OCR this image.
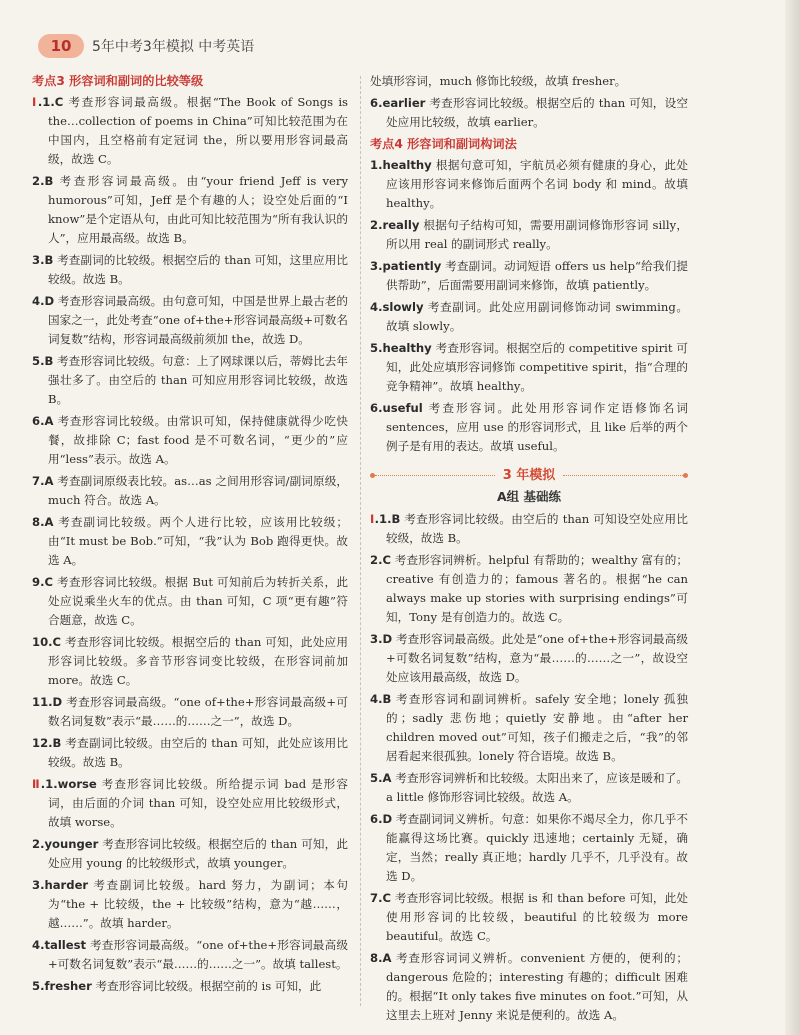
10	5年中考3年模拟 中考英语
考点3 形容词和副词的比较等级
Ⅰ.1.C 考查形容词最高级。根据“The Book of Songs is the…collection of poems in China”可知比较范围为在中国内，且空格前有定冠词 the，所以要用形容词最高级，故选 C。
2.B 考查形容词最高级。由“your friend Jeff is very humorous”可知，Jeff 是个有趣的人；设空处后面的“I know”是个定语从句，由此可知比较范围为“所有我认识的人”，应用最高级。故选 B。
3.B 考查副词的比较级。根据空后的 than 可知，这里应用比较级。故选 B。
4.D 考查形容词最高级。由句意可知，中国是世界上最古老的国家之一，此处考查“one of+the+形容词最高级+可数名词复数”结构，形容词最高级前须加 the，故选 D。
5.B 考查形容词比较级。句意：上了网球课以后，蒂姆比去年强壮多了。由空后的 than 可知应用形容词比较级，故选 B。
6.A 考查形容词比较级。由常识可知，保持健康就得少吃快餐，故排除 C；fast food 是不可数名词，“更少的”应用“less”表示。故选 A。
7.A 考查副词原级表比较。as…as 之间用形容词/副词原级，much 符合。故选 A。
8.A 考查副词比较级。两个人进行比较，应该用比较级；由“It must be Bob.”可知，“我”认为 Bob 跑得更快。故选 A。
9.C 考查形容词比较级。根据 But 可知前后为转折关系，此处应说乘坐火车的优点。由 than 可知，C 项“更有趣”符合题意，故选 C。
10.C 考查形容词比较级。根据空后的 than 可知，此处应用形容词比较级。多音节形容词变比较级，在形容词前加 more。故选 C。
11.D 考查形容词最高级。“one of+the+形容词最高级+可数名词复数”表示“最……的……之一”，故选 D。
12.B 考查副词比较级。由空后的 than 可知，此处应该用比较级。故选 B。
Ⅱ.1.worse 考查形容词比较级。所给提示词 bad 是形容词，由后面的介词 than 可知，设空处应用比较级形式，故填 worse。
2.younger 考查形容词比较级。根据空后的 than 可知，此处应用 young 的比较级形式，故填 younger。
3.harder 考查副词比较级。hard 努力，为副词；本句为“the + 比较级，the + 比较级”结构，意为“越……，越……”。故填 harder。
4.tallest 考查形容词最高级。“one of+the+形容词最高级+可数名词复数”表示“最……的……之一”。故填 tallest。
5.fresher 考查形容词比较级。根据空前的 is 可知，此
处填形容词，much 修饰比较级，故填 fresher。
6.earlier 考查形容词比较级。根据空后的 than 可知，设空处应用比较级，故填 earlier。
考点4 形容词和副词构词法
1.healthy 根据句意可知，宇航员必须有健康的身心，此处应该用形容词来修饰后面两个名词 body 和 mind。故填 healthy。
2.really 根据句子结构可知，需要用副词修饰形容词 silly，所以用 real 的副词形式 really。
3.patiently 考查副词。动词短语 offers us help“给我们提供帮助”，后面需要用副词来修饰，故填 patiently。
4.slowly 考查副词。此处应用副词修饰动词 swimming。故填 slowly。
5.healthy 考查形容词。根据空后的 competitive spirit 可知，此处应填形容词修饰 competitive spirit，指“合理的竞争精神”。故填 healthy。
6.useful 考查形容词。此处用形容词作定语修饰名词 sentences，应用 use 的形容词形式，且 like 后举的两个例子是有用的表达。故填 useful。
3 年模拟
A组 基础练
Ⅰ.1.B 考查形容词比较级。由空后的 than 可知设空处应用比较级，故选 B。
2.C 考查形容词辨析。helpful 有帮助的；wealthy 富有的；creative 有创造力的；famous 著名的。根据“he can always make up stories with surprising endings”可知，Tony 是有创造力的。故选 C。
3.D 考查形容词最高级。此处是“one of+the+形容词最高级+可数名词复数”结构，意为“最……的……之一”，故设空处应该用最高级，故选 D。
4.B 考查形容词和副词辨析。safely 安全地；lonely 孤独的；sadly 悲伤地；quietly 安静地。由“after her children moved out”可知，孩子们搬走之后，“我”的邻居看起来很孤独。lonely 符合语境。故选 B。
5.A 考查形容词辨析和比较级。太阳出来了，应该是暖和了。a little 修饰形容词比较级。故选 A。
6.D 考查副词词义辨析。句意：如果你不竭尽全力，你几乎不能赢得这场比赛。quickly 迅速地；certainly 无疑，确定，当然；really 真正地；hardly 几乎不，几乎没有。故选 D。
7.C 考查形容词比较级。根据 is 和 than before 可知，此处使用形容词的比较级，beautiful 的比较级为 more beautiful。故选 C。
8.A 考查形容词词义辨析。convenient 方便的，便利的；dangerous 危险的；interesting 有趣的；difficult 困难的。根据“It only takes five minutes on foot.”可知，从这里去上班对 Jenny 来说是便利的。故选 A。
